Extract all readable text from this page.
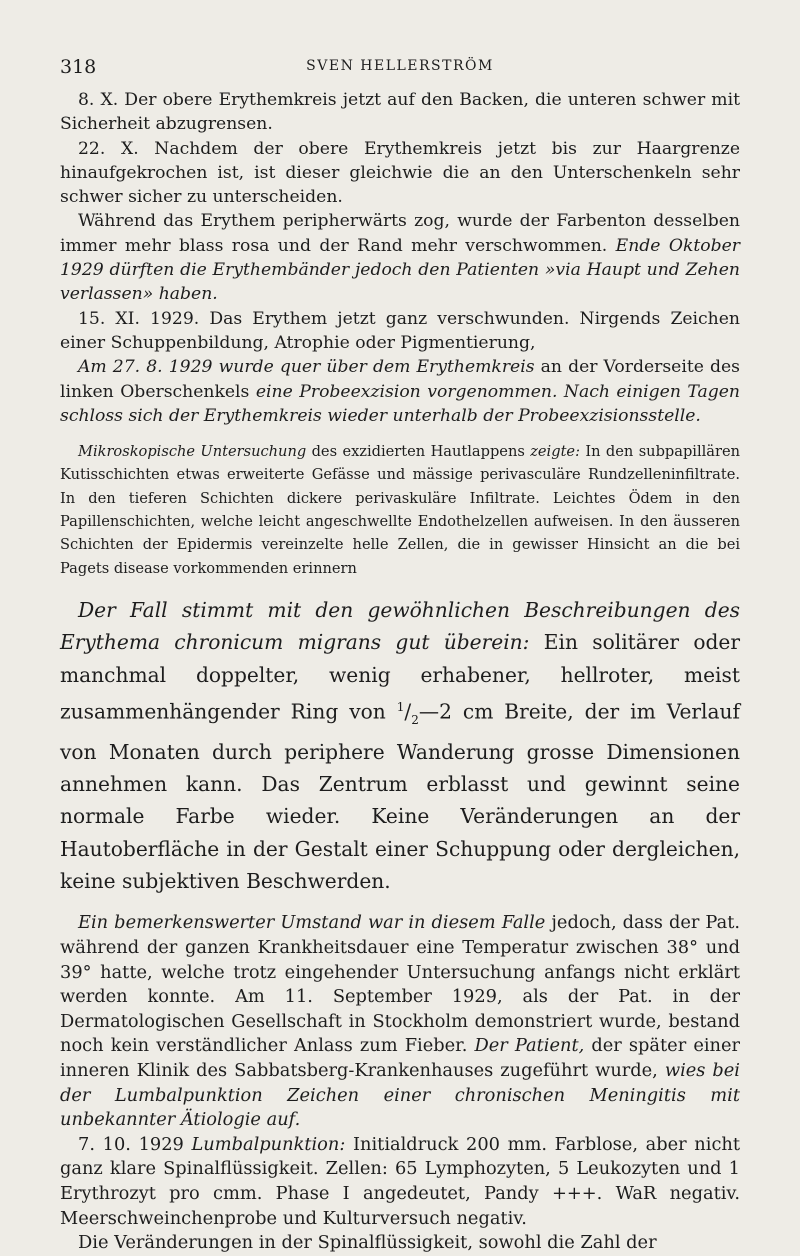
318	SVEN HELLERSTRÖM

8. X. Der obere Erythemkreis jetzt auf den Backen, die unteren schwer mit Sicherheit abzugrensen.

22. X. Nachdem der obere Erythemkreis jetzt bis zur Haargrenze hinaufgekrochen ist, ist dieser gleichwie die an den Unterschenkeln sehr schwer sicher zu unterscheiden.

Während das Erythem peripherwärts zog, wurde der Farbenton desselben immer mehr blass rosa und der Rand mehr verschwommen. Ende Oktober 1929 dürften die Erythembänder jedoch den Patienten »via Haupt und Zehen verlassen» haben.

15. XI. 1929. Das Erythem jetzt ganz verschwunden. Nirgends Zeichen einer Schuppenbildung, Atrophie oder Pigmentierung,

Am 27. 8. 1929 wurde quer über dem Erythemkreis an der Vorderseite des linken Oberschenkels eine Probeexzision vorgenommen. Nach einigen Tagen schloss sich der Erythemkreis wieder unterhalb der Probeexzisionsstelle.

Mikroskopische Untersuchung des exzidierten Hautlappens zeigte: In den subpapillären Kutisschichten etwas erweiterte Gefässe und mässige perivasculäre Rundzelleninfiltrate. In den tieferen Schichten dickere perivaskuläre Infiltrate. Leichtes Ödem in den Papillenschichten, welche leicht angeschwellte Endothelzellen aufweisen. In den äusseren Schichten der Epidermis vereinzelte helle Zellen, die in gewisser Hinsicht an die bei Pagets disease vorkommenden erinnern

Der Fall stimmt mit den gewöhnlichen Beschreibungen des Erythema chronicum migrans gut überein: Ein solitärer oder manchmal doppelter, wenig erhabener, hellroter, meist zusammenhängender Ring von $^1/_2—2$ cm Breite, der im Verlauf von Monaten durch periphere Wanderung grosse Dimensionen annehmen kann. Das Zentrum erblasst und gewinnt seine normale Farbe wieder. Keine Veränderungen an der Hautoberfläche in der Gestalt einer Schuppung oder dergleichen, keine subjektiven Beschwerden.

Ein bemerkenswerter Umstand war in diesem Falle jedoch, dass der Pat. während der ganzen Krankheitsdauer eine Temperatur zwischen 38° und 39° hatte, welche trotz eingehender Untersuchung anfangs nicht erklärt werden konnte. Am 11. September 1929, als der Pat. in der Dermatologischen Gesellschaft in Stockholm demonstriert wurde, bestand noch kein verständlicher Anlass zum Fieber. Der Patient, der später einer inneren Klinik des Sabbatsberg-Krankenhauses zugeführt wurde, wies bei der Lumbalpunktion Zeichen einer chronischen Meningitis mit unbekannter Ätiologie auf.

7. 10. 1929 Lumbalpunktion: Initialdruck 200 mm. Farblose, aber nicht ganz klare Spinalflüssigkeit. Zellen: 65 Lymphozyten, 5 Leukozyten und 1 Erythrozyt pro cmm. Phase I angedeutet, Pandy +++. WaR negativ. Meerschweinchenprobe und Kulturversuch negativ.

Die Veränderungen in der Spinalflüssigkeit, sowohl die Zahl der
